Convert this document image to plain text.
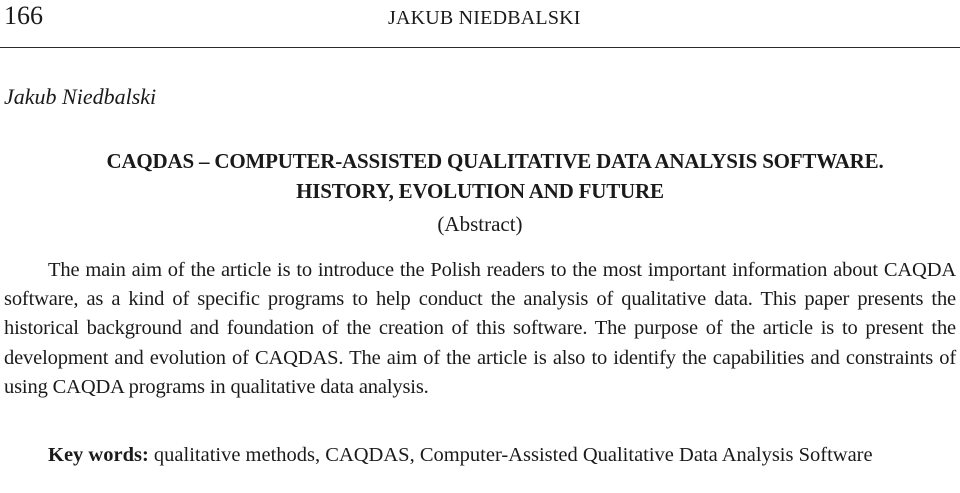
166	JAKUB NIEDBALSKI
Jakub Niedbalski
CAQDAS – COMPUTER-ASSISTED QUALITATIVE DATA ANALYSIS SOFTWARE.
HISTORY, EVOLUTION AND FUTURE
(Abstract)

The main aim of the article is to introduce the Polish readers to the most important information about CAQDA software, as a kind of specific programs to help conduct the analysis of qualitative data. This paper presents the historical background and foundation of the creation of this software. The purpose of the article is to present the development and evolution of CAQDAS. The aim of the article is also to identify the capabilities and constraints of using CAQDA programs in qualitative data analysis.

Key words: qualitative methods, CAQDAS, Computer-Assisted Qualitative Data Analysis Software
